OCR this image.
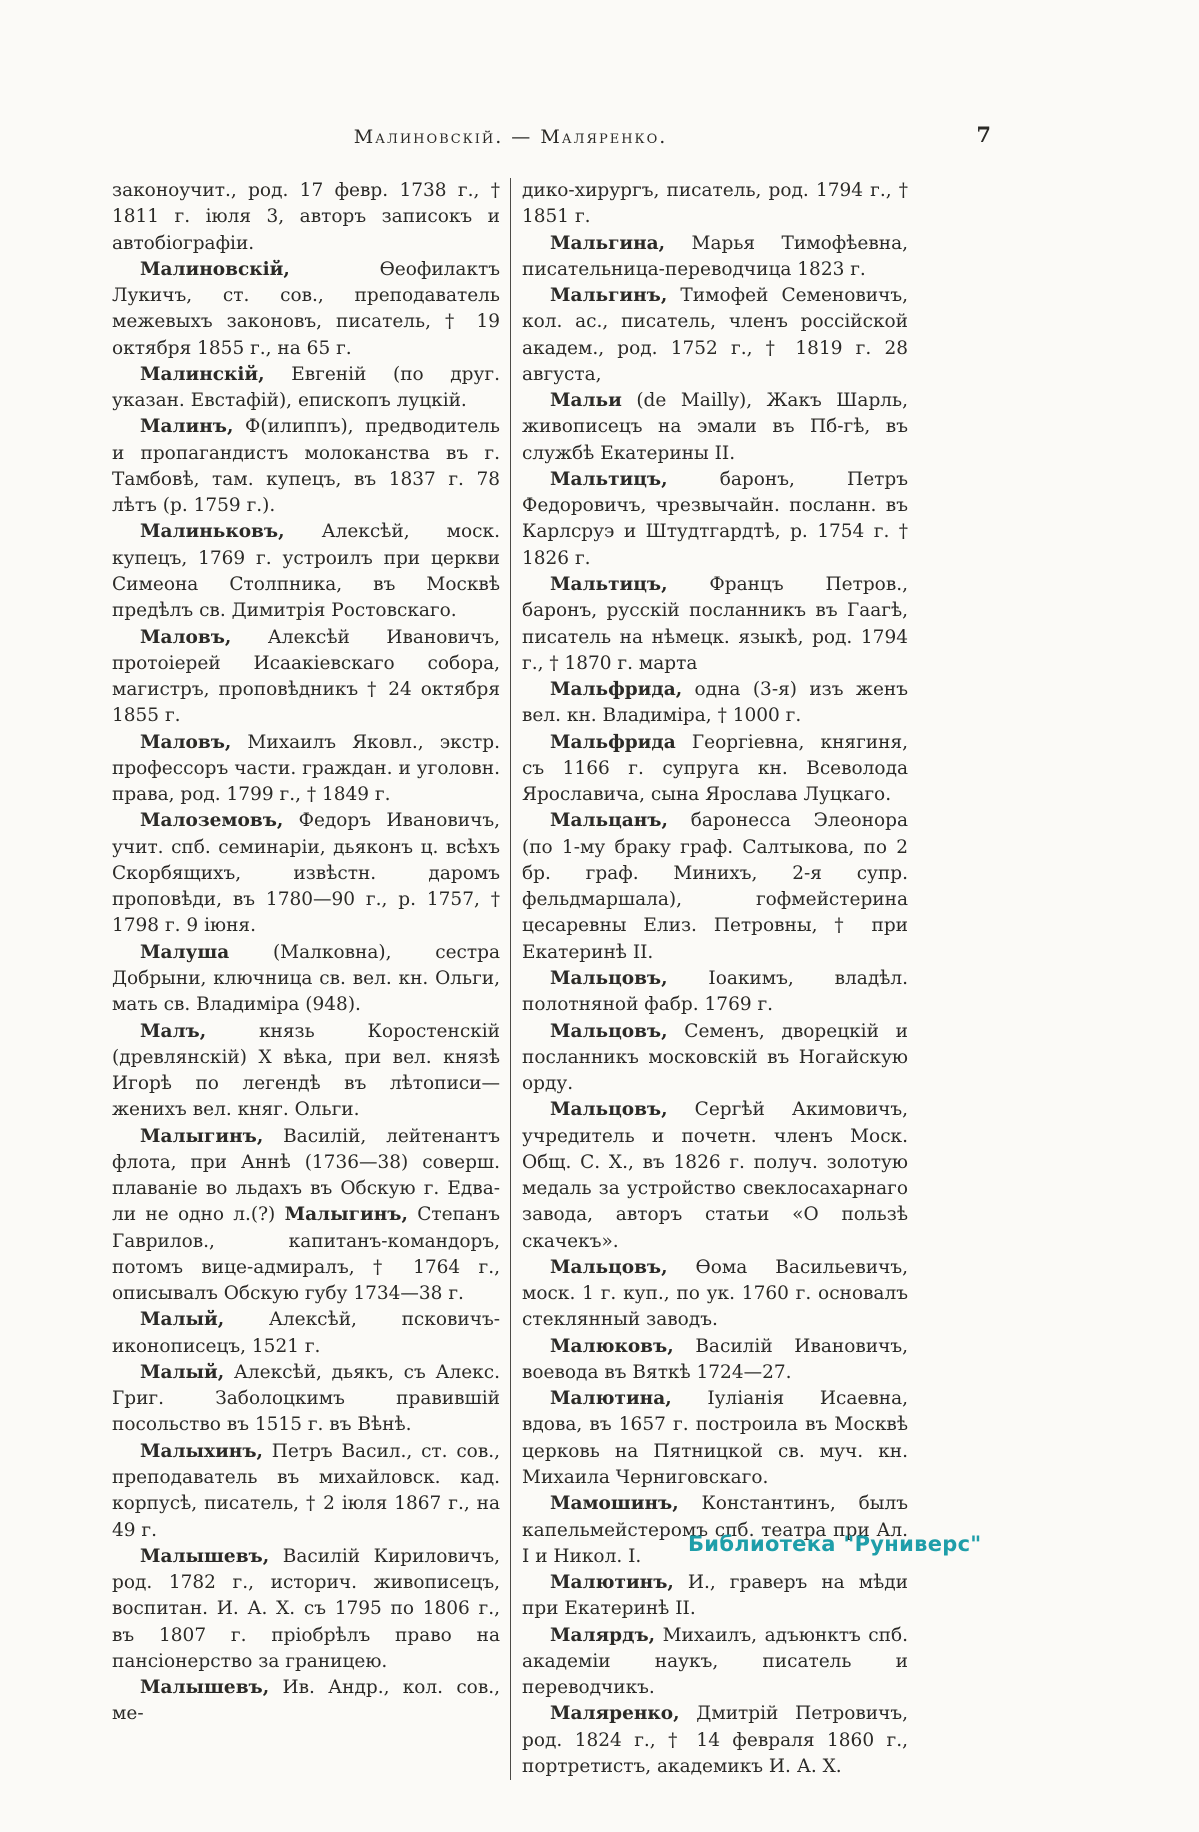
Малиновскій. — Маляренко.	7

законоучит., род. 17 февр. 1738 г., † 1811 г. іюля 3, авторъ записокъ и автобіографіи.

Малиновскій, Ѳеофилактъ Лукичъ, ст. сов., преподаватель межевыхъ законовъ, писатель, † 19 октября 1855 г., на 65 г.

Малинскій, Евгеній (по друг. указан. Евстафій), епископъ луцкій.

Малинъ, Ф(илиппъ), предводитель и пропагандистъ молоканства въ г. Тамбовѣ, там. купецъ, въ 1837 г. 78 лѣтъ (р. 1759 г.).

Малиньковъ, Алексѣй, моск. купецъ, 1769 г. устроилъ при церкви Симеона Столпника, въ Москвѣ предѣлъ св. Димитрія Ростовскаго.

Маловъ, Алексѣй Ивановичъ, протоіерей Исаакіевскаго собора, магистръ, проповѣдникъ † 24 октября 1855 г.

Маловъ, Михаилъ Яковл., экстр. профессоръ части. граждан. и уголовн. права, род. 1799 г., † 1849 г.

Малоземовъ, Федоръ Ивановичъ, учит. спб. семинаріи, дьяконъ ц. всѣхъ Скорбящихъ, извѣстн. даромъ проповѣди, въ 1780—90 г., р. 1757, † 1798 г. 9 іюня.

Малуша (Малковна), сестра Добрыни, ключница св. вел. кн. Ольги, мать св. Владиміра (948).

Малъ, князь Коростенскій (древлянскій) X вѣка, при вел. князѣ Игорѣ по легендѣ въ лѣтописи—женихъ вел. княг. Ольги.

Малыгинъ, Василій, лейтенантъ флота, при Аннѣ (1736—38) соверш. плаваніе во льдахъ въ Обскую г. Едва-ли не одно л.(?) Малыгинъ, Степанъ Гаврилов., капитанъ-командоръ, потомъ вице-адмиралъ, † 1764 г., описывалъ Обскую губу 1734—38 г.

Малый, Алексѣй, псковичъ-иконописецъ, 1521 г.

Малый, Алексѣй, дьякъ, съ Алекс. Григ. Заболоцкимъ правившій посольство въ 1515 г. въ Вѣнѣ.

Малыхинъ, Петръ Васил., ст. сов., преподаватель въ михайловск. кад. корпусѣ, писатель, † 2 іюля 1867 г., на 49 г.

Малышевъ, Василій Кириловичъ, род. 1782 г., историч. живописецъ, воспитан. И. А. Х. съ 1795 по 1806 г., въ 1807 г. пріобрѣлъ право на пансіонерство за границею.

Малышевъ, Ив. Андр., кол. сов., ме-

дико-хирургъ, писатель, род. 1794 г., † 1851 г.

Мальгина, Марья Тимофѣевна, писательница-переводчица 1823 г.

Мальгинъ, Тимофей Семеновичъ, кол. ас., писатель, членъ россійской академ., род. 1752 г., † 1819 г. 28 августа,

Мальи (de Mailly), Жакъ Шарль, живописецъ на эмали въ Пб-гѣ, въ службѣ Екатерины II.

Мальтицъ, баронъ, Петръ Федоровичъ, чрезвычайн. посланн. въ Карлсруэ и Штудтгардтѣ, р. 1754 г. † 1826 г.

Мальтицъ, Францъ Петров., баронъ, русскій посланникъ въ Гаагѣ, писатель на нѣмецк. языкѣ, род. 1794 г., † 1870 г. марта

Мальфрида, одна (3-я) изъ женъ вел. кн. Владиміра, † 1000 г.

Мальфрида Георгіевна, княгиня, съ 1166 г. супруга кн. Всеволода Ярославича, сына Ярослава Луцкаго.

Мальцанъ, баронесса Элеонора (по 1-му браку граф. Салтыкова, по 2 бр. граф. Минихъ, 2-я супр. фельдмаршала), гофмейстерина цесаревны Елиз. Петровны, † при Екатеринѣ II.

Мальцовъ, Іоакимъ, владѣл. полотняной фабр. 1769 г.

Мальцовъ, Семенъ, дворецкій и посланникъ московскій въ Ногайскую орду.

Мальцовъ, Сергѣй Акимовичъ, учредитель и почетн. членъ Моск. Общ. С. Х., въ 1826 г. получ. золотую медаль за устройство свеклосахарнаго завода, авторъ статьи «О пользѣ скачекъ».

Мальцовъ, Ѳома Васильевичъ, моск. 1 г. куп., по ук. 1760 г. основалъ стеклянный заводъ.

Малюковъ, Василій Ивановичъ, воевода въ Вяткѣ 1724—27.

Малютина, Іуліанія Исаевна, вдова, въ 1657 г. построила въ Москвѣ церковь на Пятницкой св. муч. кн. Михаила Черниговскаго.

Мамошинъ, Константинъ, былъ капельмейстеромъ спб. театра при Ал. I и Никол. I.

Малютинъ, И., граверъ на мѣди при Екатеринѣ II.

Малярдъ, Михаилъ, адъюнктъ спб. академіи наукъ, писатель и переводчикъ.

Маляренко, Дмитрій Петровичъ, род. 1824 г., † 14 февраля 1860 г., портретистъ, академикъ И. А. Х.

Библиотека "Руниверс"
